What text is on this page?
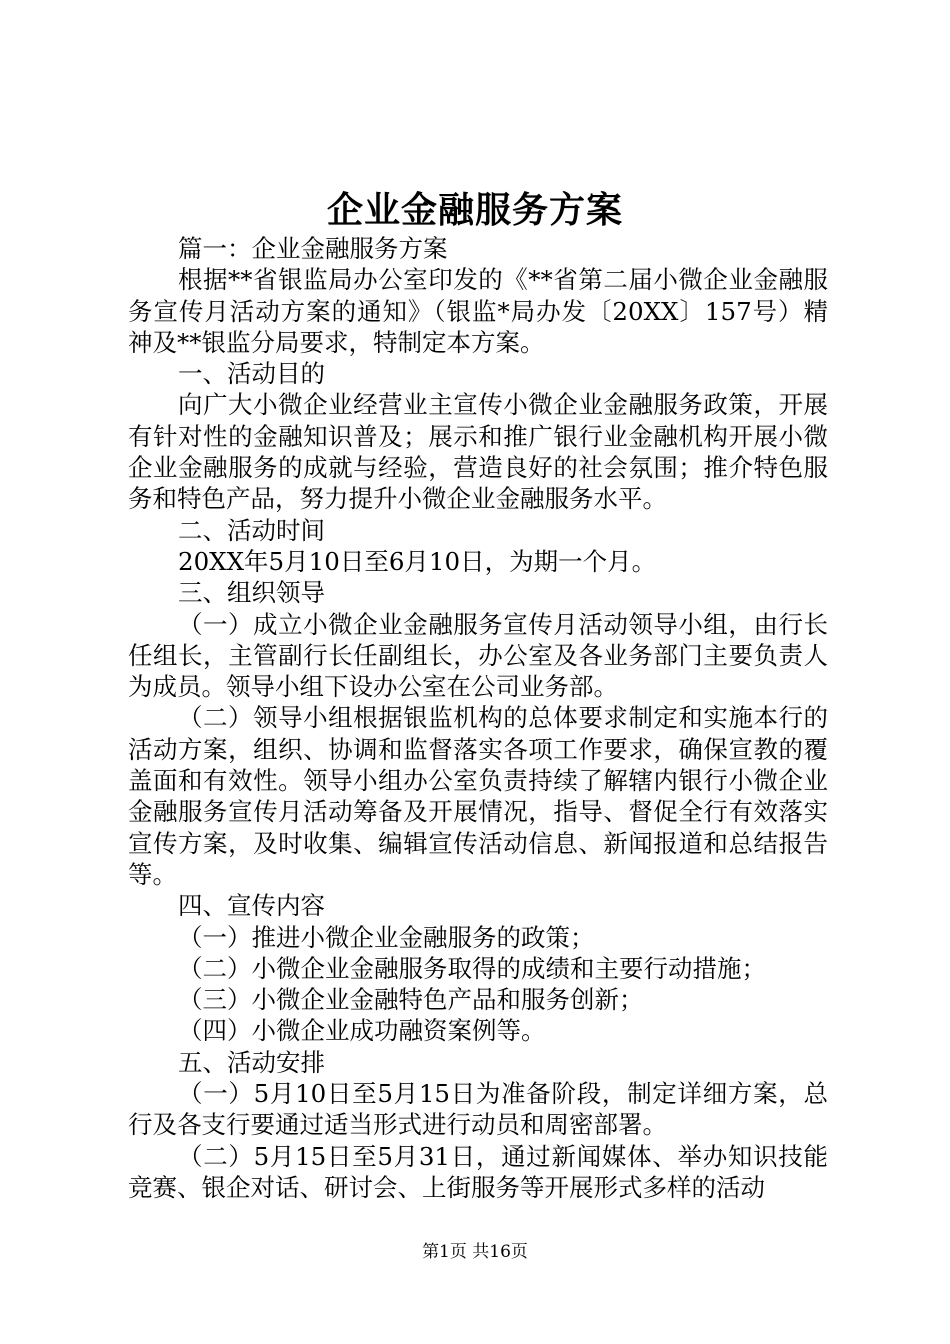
企业金融服务方案

篇一：企业金融服务方案

根据**省银监局办公室印发的《**省第二届小微企业金融服务宣传月活动方案的通知》（银监*局办发〔20XX〕157号）精神及**银监分局要求，特制定本方案。

一、活动目的

向广大小微企业经营业主宣传小微企业金融服务政策，开展有针对性的金融知识普及；展示和推广银行业金融机构开展小微企业金融服务的成就与经验，营造良好的社会氛围；推介特色服务和特色产品，努力提升小微企业金融服务水平。

二、活动时间

20XX年5月10日至6月10日，为期一个月。

三、组织领导

（一）成立小微企业金融服务宣传月活动领导小组，由行长任组长，主管副行长任副组长，办公室及各业务部门主要负责人为成员。领导小组下设办公室在公司业务部。

（二）领导小组根据银监机构的总体要求制定和实施本行的活动方案，组织、协调和监督落实各项工作要求，确保宣教的覆盖面和有效性。领导小组办公室负责持续了解辖内银行小微企业金融服务宣传月活动筹备及开展情况，指导、督促全行有效落实宣传方案，及时收集、编辑宣传活动信息、新闻报道和总结报告等。

四、宣传内容

（一）推进小微企业金融服务的政策；

（二）小微企业金融服务取得的成绩和主要行动措施；

（三）小微企业金融特色产品和服务创新；

（四）小微企业成功融资案例等。

五、活动安排

（一）5月10日至5月15日为准备阶段，制定详细方案，总行及各支行要通过适当形式进行动员和周密部署。

（二）5月15日至5月31日，通过新闻媒体、举办知识技能竞赛、银企对话、研讨会、上街服务等开展形式多样的活动

第1页 共16页
